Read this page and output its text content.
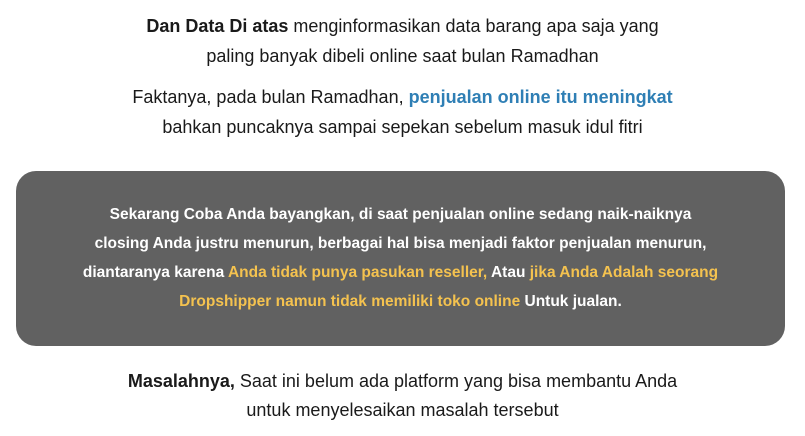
Dan Data Di atas menginformasikan data barang apa saja yang
paling banyak dibeli online saat bulan Ramadhan
Faktanya, pada bulan Ramadhan, penjualan online itu meningkat
bahkan puncaknya sampai sepekan sebelum masuk idul fitri
Sekarang Coba Anda bayangkan, di saat penjualan online sedang naik-naiknya
closing Anda justru menurun, berbagai hal bisa menjadi faktor penjualan menurun,
diantaranya karena Anda tidak punya pasukan reseller, Atau jika Anda Adalah seorang
Dropshipper namun tidak memiliki toko online Untuk jualan.
Masalahnya, Saat ini belum ada platform yang bisa membantu Anda
untuk menyelesaikan masalah tersebut
